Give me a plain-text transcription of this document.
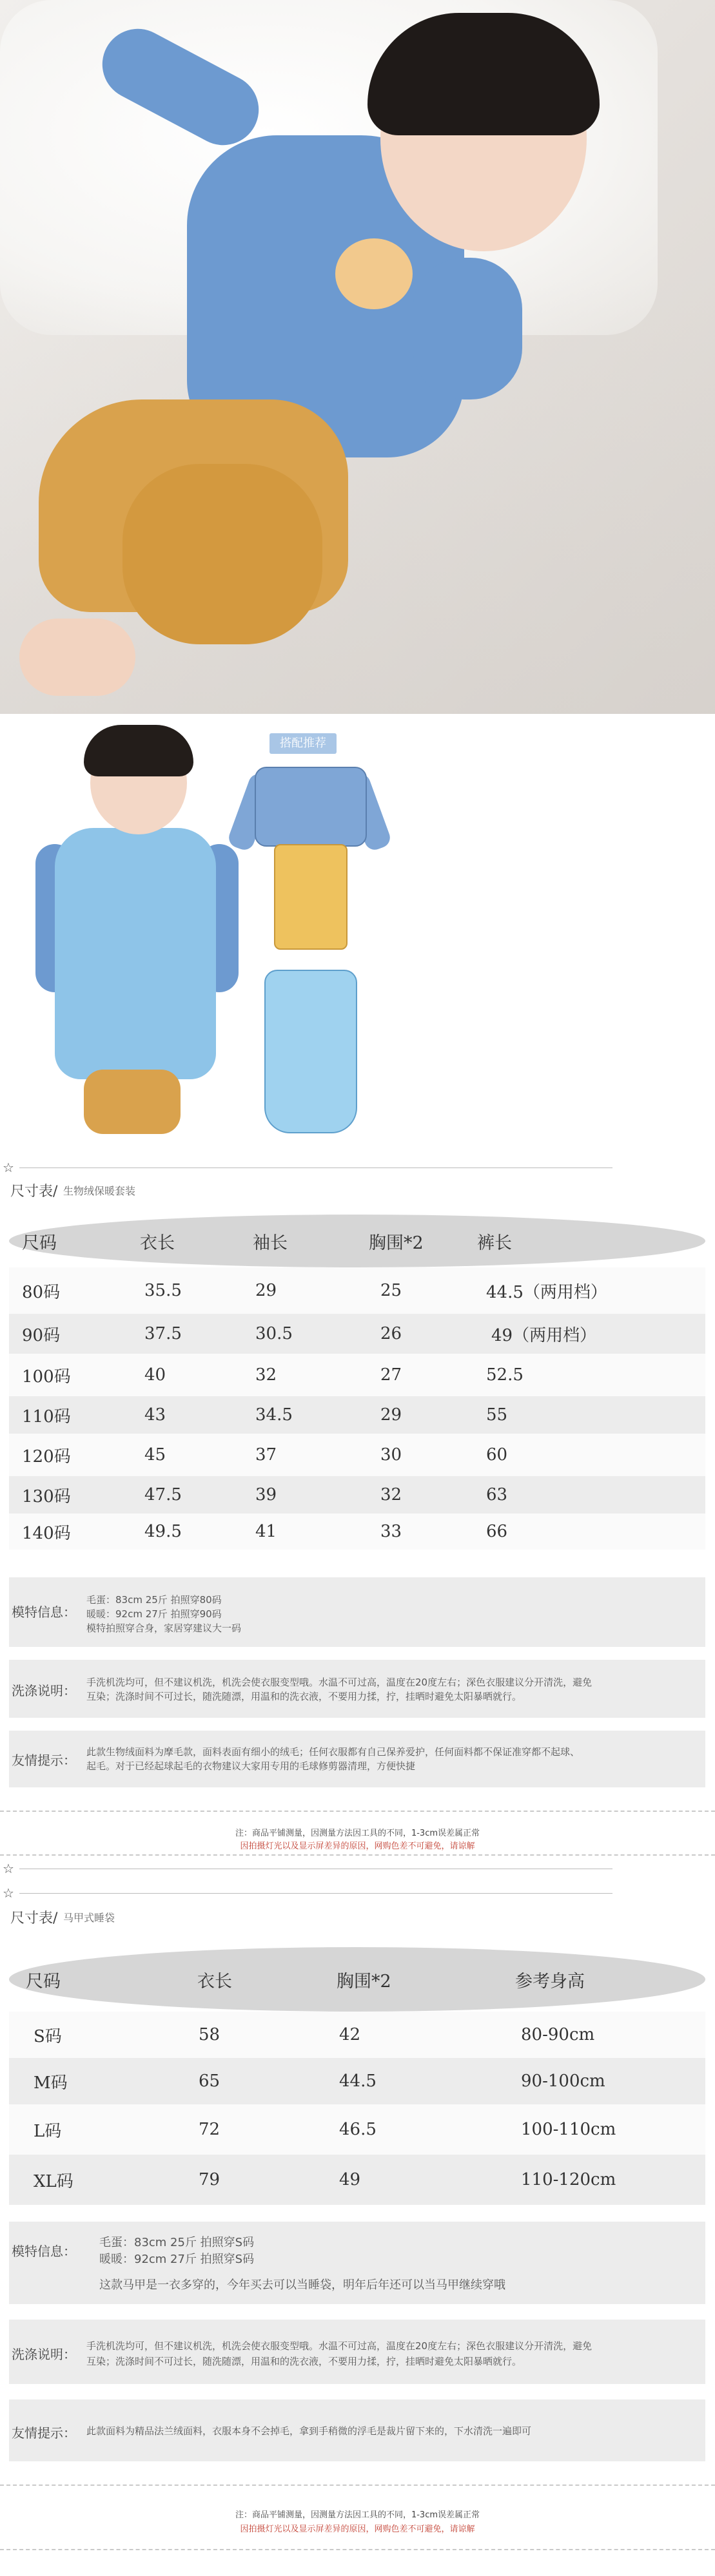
搭配推荐
☆
尺寸表/ 生物绒保暖套装
尺码	衣长	袖长	胸围*2	裤长
80码	35.5	29	25	44.5（两用档）
90码	37.5	30.5	26	49（两用档）
100码	40	32	27	52.5
110码	43	34.5	29	55
120码	45	37	30	60
130码	47.5	39	32	63
140码	49.5	41	33	66
模特信息：
毛蛋：83cm 25斤 拍照穿80码
暖暖：92cm 27斤 拍照穿90码
模特拍照穿合身，家居穿建议大一码
洗涤说明：
手洗机洗均可，但不建议机洗，机洗会使衣服变型哦。水温不可过高，温度在20度左右；深色衣服建议分开清洗，避免
互染；洗涤时间不可过长，随洗随漂，用温和的洗衣液，不要用力揉，拧，挂晒时避免太阳暴晒就行。
友情提示：
此款生物绒面料为摩毛款，面料表面有细小的绒毛；任何衣服都有自己保养爱护，任何面料都不保证准穿都不起球、
起毛。对于已经起球起毛的衣物建议大家用专用的毛球修剪器清理，方便快捷
注：商品平铺测量，因测量方法因工具的不同，1-3cm误差属正常
因拍摄灯光以及显示屏差异的原因，网购色差不可避免，请谅解
☆
☆
尺寸表/ 马甲式睡袋
尺码	衣长	胸围*2	参考身高
S码	58	42	80-90cm
M码	65	44.5	90-100cm
L码	72	46.5	100-110cm
XL码	79	49	110-120cm
模特信息：
毛蛋：83cm 25斤 拍照穿S码
暖暖：92cm 27斤 拍照穿S码
这款马甲是一衣多穿的，今年买去可以当睡袋，明年后年还可以当马甲继续穿哦
洗涤说明：
手洗机洗均可，但不建议机洗，机洗会使衣服变型哦。水温不可过高，温度在20度左右；深色衣服建议分开清洗，避免
互染；洗涤时间不可过长，随洗随漂，用温和的洗衣液，不要用力揉，拧，挂晒时避免太阳暴晒就行。
友情提示： 此款面料为精品法兰绒面料，衣服本身不会掉毛，拿到手稍微的浮毛是裁片留下来的，下水清洗一遍即可
注：商品平铺测量，因测量方法因工具的不同，1-3cm误差属正常
因拍摄灯光以及显示屏差异的原因，网购色差不可避免，请谅解
